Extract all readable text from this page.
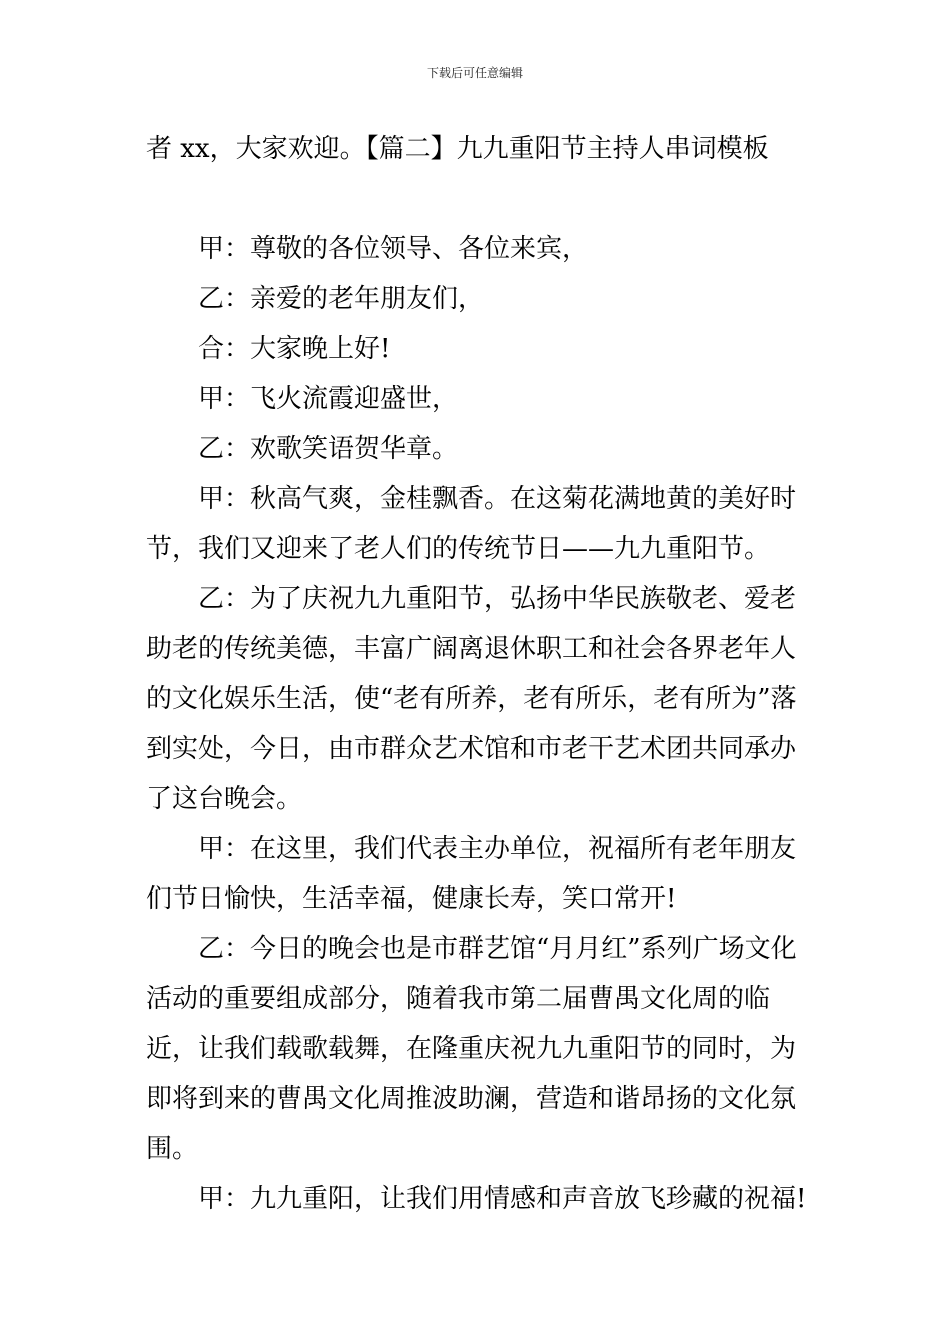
下载后可任意编辑

者 xx，大家欢迎。【篇二】九九重阳节主持人串词模板

甲：尊敬的各位领导、各位来宾，

乙：亲爱的老年朋友们，

合：大家晚上好!

甲：飞火流霞迎盛世，

乙：欢歌笑语贺华章。

甲：秋高气爽，金桂飘香。在这菊花满地黄的美好时节，我们又迎来了老人们的传统节日——九九重阳节。

乙：为了庆祝九九重阳节，弘扬中华民族敬老、爱老助老的传统美德，丰富广阔离退休职工和社会各界老年人的文化娱乐生活，使“老有所养，老有所乐，老有所为”落到实处，今日，由市群众艺术馆和市老干艺术团共同承办了这台晚会。

甲：在这里，我们代表主办单位，祝福所有老年朋友们节日愉快，生活幸福，健康长寿，笑口常开!

乙：今日的晚会也是市群艺馆“月月红”系列广场文化活动的重要组成部分，随着我市第二届曹禺文化周的临近，让我们载歌载舞，在隆重庆祝九九重阳节的同时，为即将到来的曹禺文化周推波助澜，营造和谐昂扬的文化氛围。

甲：九九重阳，让我们用情感和声音放飞珍藏的祝福!
